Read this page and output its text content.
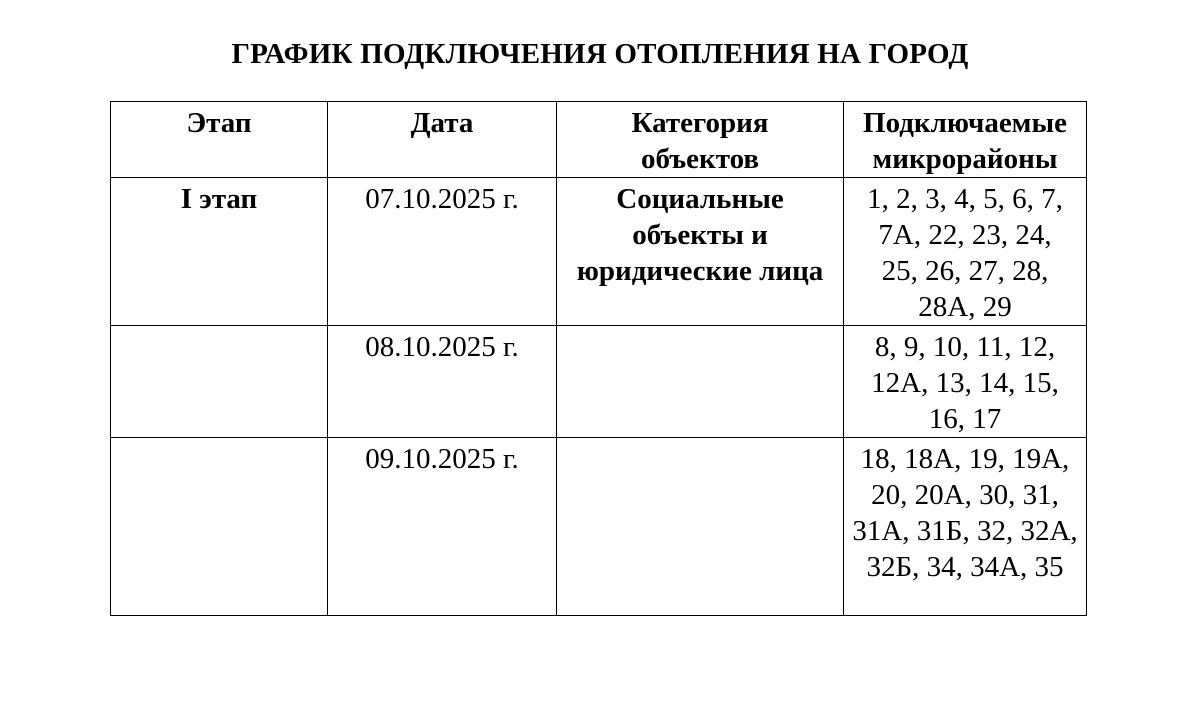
ГРАФИК ПОДКЛЮЧЕНИЯ ОТОПЛЕНИЯ НА ГОРОД
Этап	Дата	Категория объектов	Подключаемые микрорайоны
I этап	07.10.2025 г.	Социальные объекты и юридические лица	1, 2, 3, 4, 5, 6, 7, 7А, 22, 23, 24, 25, 26, 27, 28, 28А, 29
	08.10.2025 г.		8, 9, 10, 11, 12, 12А, 13, 14, 15, 16, 17
	09.10.2025 г.		18, 18А, 19, 19А, 20, 20А, 30, 31, 31А, 31Б, 32, 32А, 32Б, 34, 34А, 35
